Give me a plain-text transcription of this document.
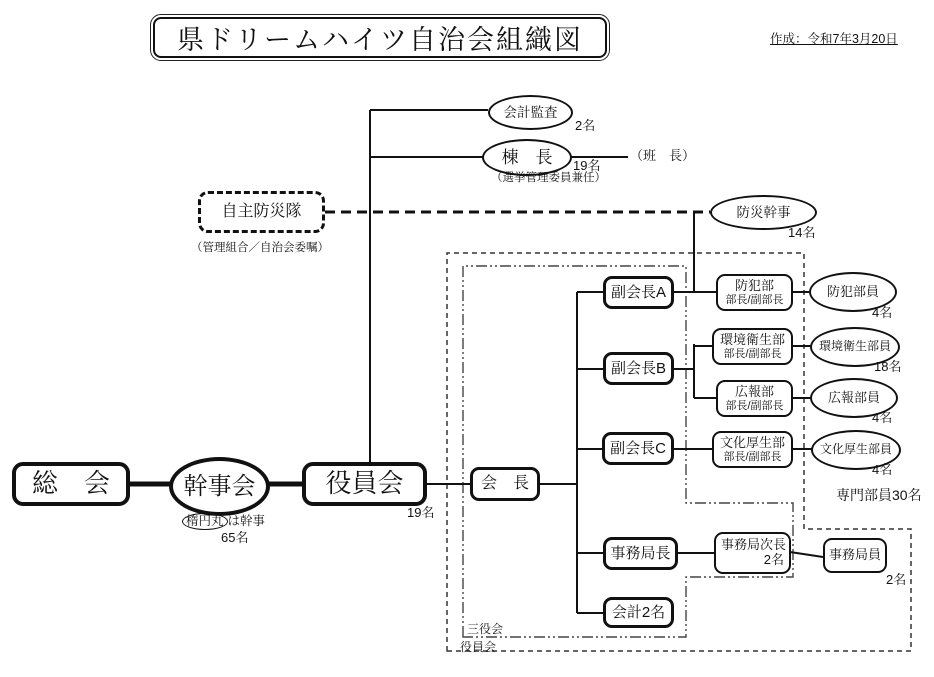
県ドリームハイツ自治会組織図	作成：令和7年3月20日
会計監査
2名
棟　長 19名
（選挙管理委員兼任）
（班　長）
自主防災隊
（管理組合／自治会委嘱）
防災幹事
14名
総　会	幹事会
楕円丸 は幹事
65名
役員会
19名
会　長
副会長A
副会長B
副会長C
防犯部
部長/副部長
環境衛生部
部長/副部長
広報部
部長/副部長
文化厚生部
部長/副部長
防犯部員
4名
環境衛生部員
18名
広報部員
4名
文化厚生部員
4名
専門部員30名
事務局長
事務局次長
2名	事務局員
2名
会計2名
三役会
役員会
